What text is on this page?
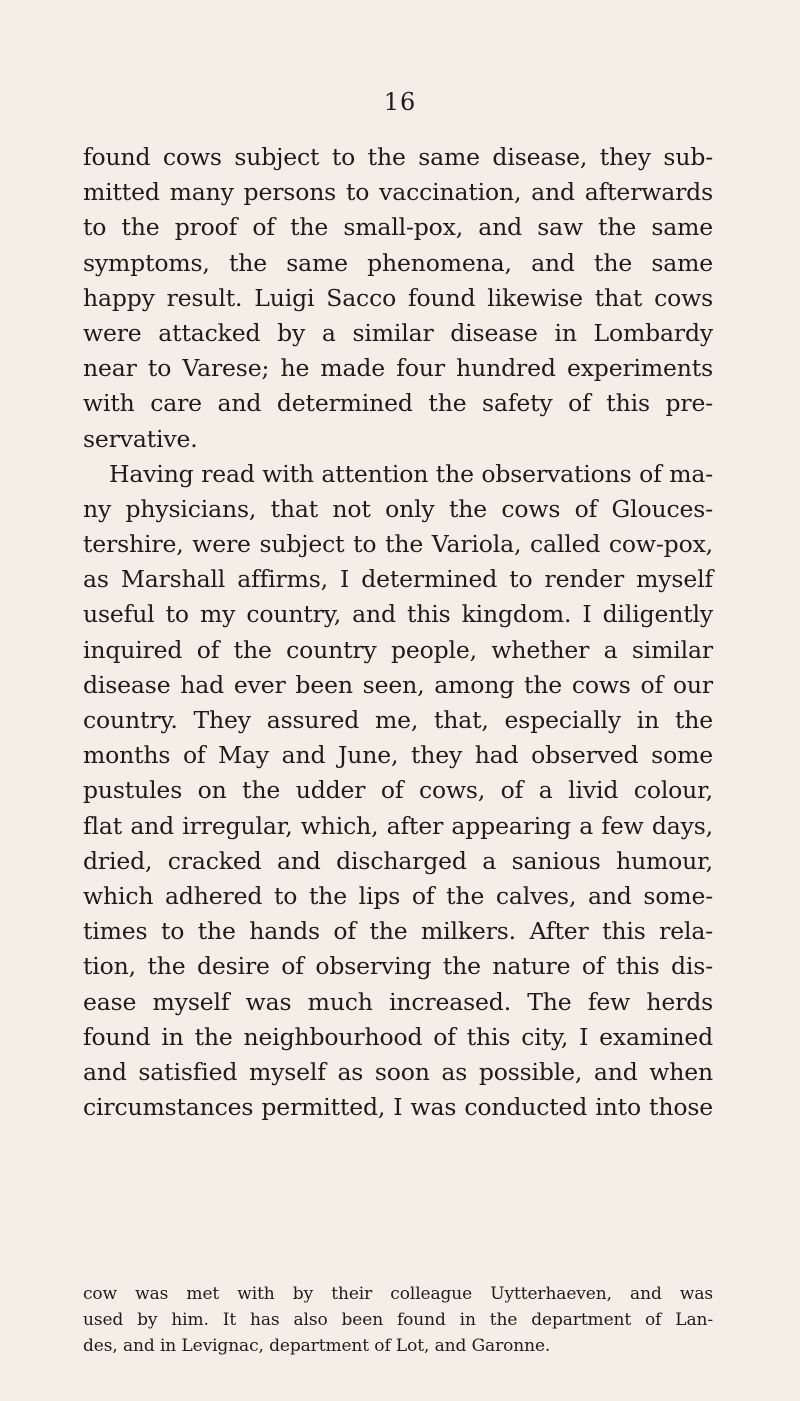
16
found cows subject to the same disease, they sub-
mitted many persons to vaccination, and afterwards
to the proof of the small-pox, and saw the same
symptoms, the same phenomena, and the same
happy result. Luigi Sacco found likewise that cows
were attacked by a similar disease in Lombardy
near to Varese; he made four hundred experiments
with care and determined the safety of this pre-
servative.
Having read with attention the observations of ma-
ny physicians, that not only the cows of Glouces-
tershire, were subject to the Variola, called cow-pox,
as Marshall affirms, I determined to render myself
useful to my country, and this kingdom. I diligently
inquired of the country people, whether a similar
disease had ever been seen, among the cows of our
country. They assured me, that, especially in the
months of May and June, they had observed some
pustules on the udder of cows, of a livid colour,
flat and irregular, which, after appearing a few days,
dried, cracked and discharged a sanious humour,
which adhered to the lips of the calves, and some-
times to the hands of the milkers. After this rela-
tion, the desire of observing the nature of this dis-
ease myself was much increased. The few herds
found in the neighbourhood of this city, I examined
and satisfied myself as soon as possible, and when
circumstances permitted, I was conducted into those
cow was met with by their colleague Uytterhaeven, and was
used by him. It has also been found in the department of Lan-
des, and in Levignac, department of Lot, and Garonne.
